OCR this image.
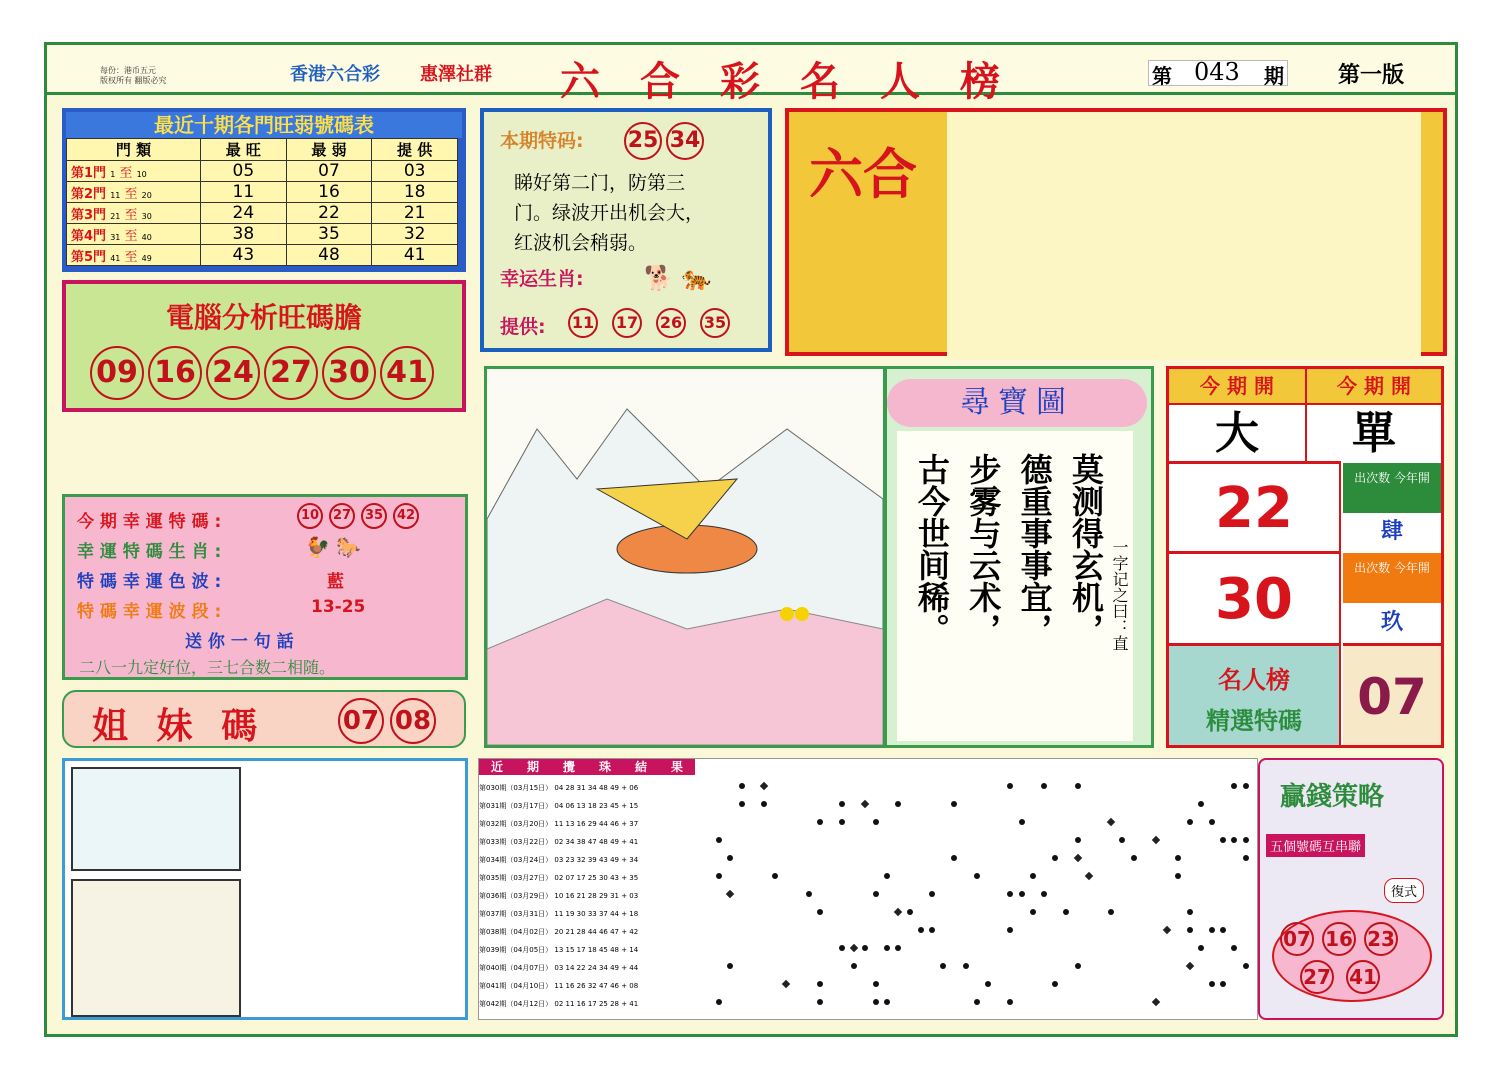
每份：港币五元
版权所有 翻版必究	香港六合彩 惠澤社群 六合彩名人榜	第 043 期 第一版
最近十期各門旺弱號碼表
門 類	最 旺	最 弱	提 供
第1門 1 至 10	05	07	03
第2門 11 至 20	11	16	18
第3門 21 至 30	24	22	21
第4門 31 至 40	38	35	32
第5門 41 至 49	43	48	41
電腦分析旺碼膽
09 16 24 27 30 41
本期特码: 25 34
睇好第二门，防第三
门。绿波开出机会大，
红波机会稍弱。
幸运生肖:	🐕 🐅
提供: 11 17 26 35
六合
今 期 幸 運 特 碼 :	10 27 35 42
幸 運 特 碼 生 肖 :	🐓 🐎
特 碼 幸 運 色 波 :	藍
特 碼 幸 運 波 段 :	13-25
送 你 一 句 話
二八一九定好位，三七合数二相随。
姐 妹 碼	07 08
尋寶圖
莫测得玄机，
德重事事宜，
步雾与云术，
古今世间稀。	一字记之曰：直
今 期 開	今 期 開
大	單
22	出次数 今年開
肆
30	出次数 今年開
玖
名人榜
精選特碼	07
近 期 攪 珠 結 果
第030期（03月15日） 04 28 31 34 48 49 + 06
第031期（03月17日） 04 06 13 18 23 45 + 15
第032期（03月20日） 11 13 16 29 44 46 + 37
第033期（03月22日） 02 34 38 47 48 49 + 41
第034期（03月24日） 03 23 32 39 43 49 + 34
第035期（03月27日） 02 07 17 25 30 43 + 35
第036期（03月29日） 10 16 21 28 29 31 + 03
第037期（03月31日） 11 19 30 33 37 44 + 18
第038期（04月02日） 20 21 28 44 46 47 + 42
第039期（04月05日） 13 15 17 18 45 48 + 14
第040期（04月07日） 03 14 22 24 34 49 + 44
第041期（04月10日） 11 16 26 32 47 46 + 08
第042期（04月12日） 02 11 16 17 25 28 + 41
贏錢策略
五個號碼互串聯
復式
07 16 23
27 41
